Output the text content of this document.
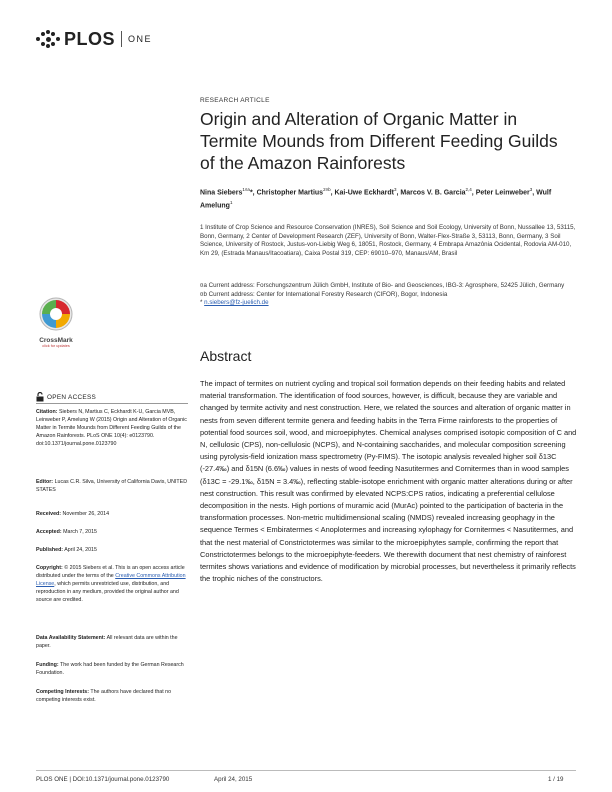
PLOS ONE
RESEARCH ARTICLE
Origin and Alteration of Organic Matter in Termite Mounds from Different Feeding Guilds of the Amazon Rainforests
Nina Siebers$^{1¤a}$*, Christopher Martius$^{2¤b}$, Kai-Uwe Eckhardt$^3$, Marcos V. B. Garcia$^{2,4}$, Peter Leinweber$^3$, Wulf Amelung$^1$
1 Institute of Crop Science and Resource Conservation (INRES), Soil Science and Soil Ecology, University of Bonn, Nussallee 13, 53115, Bonn, Germany, 2 Center of Development Research (ZEF), University of Bonn, Walter-Flex-Straße 3, 53113, Bonn, Germany, 3 Soil Science, University of Rostock, Justus-von-Liebig Weg 6, 18051, Rostock, Germany, 4 Embrapa Amazônia Ocidental, Rodovia AM-010, Km 29, (Estrada Manaus/Itacoatiara), Caixa Postal 319, CEP: 69010–970, Manaus/AM, Brasil
¤a Current address: Forschungszentrum Jülich GmbH, Institute of Bio- and Geosciences, IBG-3: Agrosphere, 52425 Jülich, Germany
¤b Current address: Center for International Forestry Research (CIFOR), Bogor, Indonesia
* n.siebers@fz-juelich.de
Abstract
The impact of termites on nutrient cycling and tropical soil formation depends on their feeding habits and related material transformation. The identification of food sources, however, is difficult, because they are variable and changed by termite activity and nest construction. Here, we related the sources and alteration of organic matter in nests from seven different termite genera and feeding habits in the Terra Firme rainforests to the properties of potential food sources soil, wood, and microepiphytes. Chemical analyses comprised isotopic composition of C and N, cellulosic (CPS), non-cellulosic (NCPS), and N-containing saccharides, and molecular composition screening using pyrolysis-field ionization mass spectrometry (Py-FIMS). The isotopic analysis revealed higher soil δ13C (-27.4‰) and δ15N (6.6‰) values in nests of wood feeding Nasutitermes and Cornitermes than in wood samples (δ13C = -29.1‰, δ15N = 3.4‰), reflecting stable-isotope enrichment with organic matter alterations during or after nest construction. This result was confirmed by elevated NCPS:CPS ratios, indicating a preferential cellulose decomposition in the nests. High portions of muramic acid (MurAc) pointed to the participation of bacteria in the transformation processes. Non-metric multidimensional scaling (NMDS) revealed increasing geophagy in the sequence Termes < Embiratermes < Anoplotermes and increasing xylophagy for Cornitermes < Nasutitermes, and that the nest material of Constrictotermes was similar to the microepiphytes sample, confirming the report that Constrictotermes belongs to the microepiphyte-feeders. We therewith document that nest chemistry of rainforest termites shows variations and evidence of modification by microbial processes, but nevertheless it primarily reflects the trophic niches of the constructors.
CrossMark
click for updates
OPEN ACCESS
Citation: Siebers N, Martius C, Eckhardt K-U, Garcia MVB, Leinweber P, Amelung W (2015) Origin and Alteration of Organic Matter in Termite Mounds from Different Feeding Guilds of the Amazon Rainforests. PLoS ONE 10(4): e0123790. doi:10.1371/journal.pone.0123790
Editor: Lucas C.R. Silva, University of California Davis, UNITED STATES
Received: November 26, 2014
Accepted: March 7, 2015
Published: April 24, 2015
Copyright: © 2015 Siebers et al. This is an open access article distributed under the terms of the Creative Commons Attribution License, which permits unrestricted use, distribution, and reproduction in any medium, provided the original author and source are credited.
Data Availability Statement: All relevant data are within the paper.
Funding: The work had been funded by the German Research Foundation.
Competing Interests: The authors have declared that no competing interests exist.
PLOS ONE | DOI:10.1371/journal.pone.0123790	April 24, 2015	1 / 19
